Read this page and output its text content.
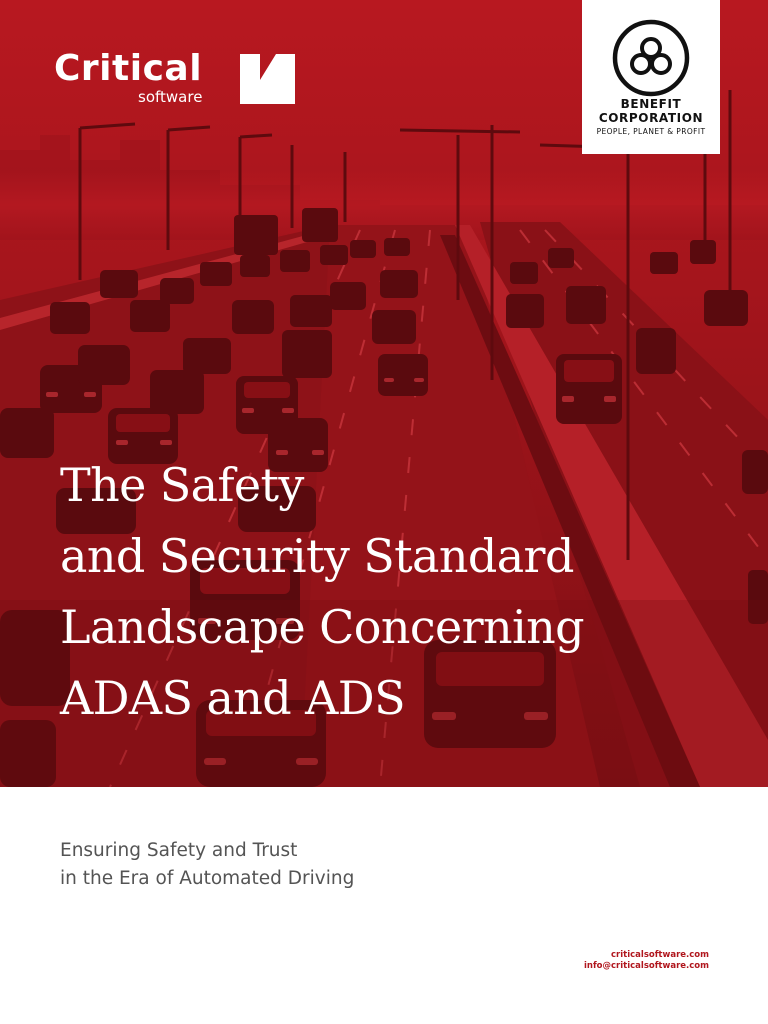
Critical
software	BENEFIT
CORPORATION
PEOPLE, PLANET & PROFIT
The Safety
and Security Standard
Landscape Concerning
ADAS and ADS

Ensuring Safety and Trust
in the Era of Automated Driving

criticalsoftware.com
info@criticalsoftware.com
